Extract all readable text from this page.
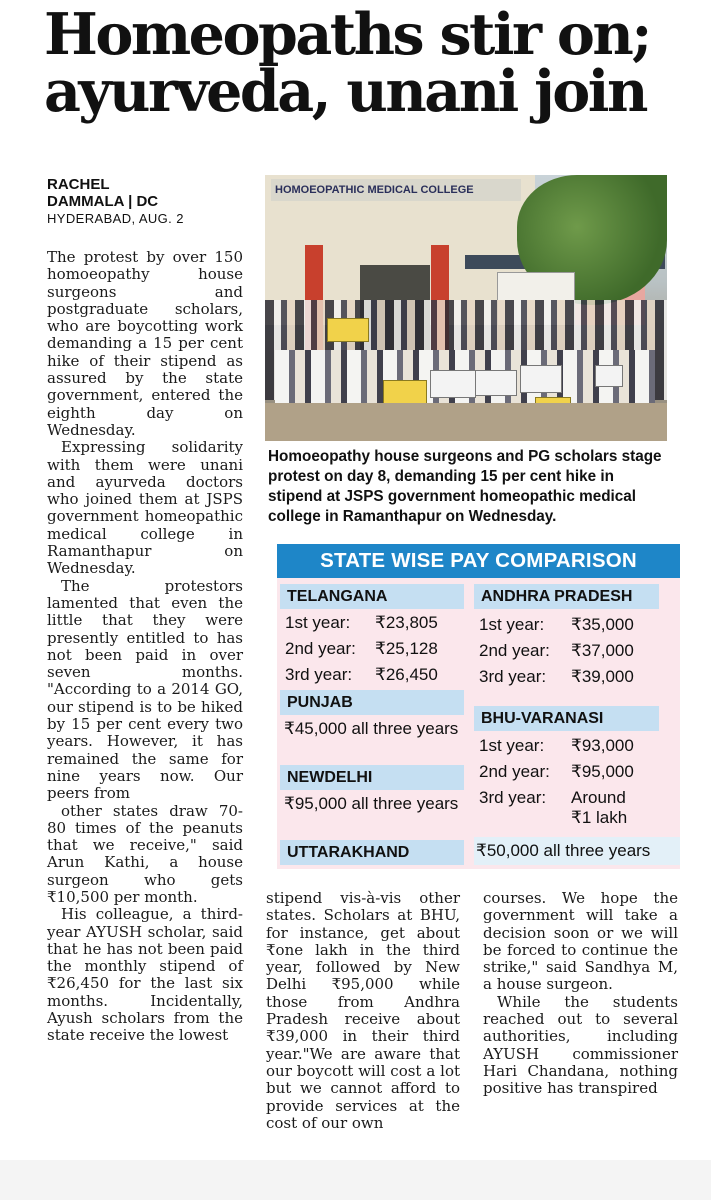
Homeopaths stir on;
ayurveda, unani join
RACHEL
DAMMALA | DC
HYDERABAD, AUG. 2

The protest by over 150 homoeopathy house surgeons and postgraduate scholars, who are boycotting work demanding a 15 per cent hike of their stipend as assured by the state government, entered the eighth day on Wednesday.

Expressing solidarity with them were unani and ayurveda doctors who joined them at JSPS government homeopathic medical college in Ramanthapur on Wednesday.

The protestors lamented that even the little that they were presently entitled to has not been paid in over seven months. "According to a 2014 GO, our stipend is to be hiked by 15 per cent every two years. However, it has remained the same for nine years now. Our peers from

other states draw 70-80 times of the peanuts that we receive," said Arun Kathi, a house surgeon who gets ₹10,500 per month.

His colleague, a third-year AYUSH scholar, said that he has not been paid the monthly stipend of ₹26,450 for the last six months. Incidentally, Ayush scholars from the state receive the lowest

HOMOEOPATHIC MEDICAL COLLEGE
Homoeopathy house surgeons and PG scholars stage protest on day 8, demanding 15 per cent hike in stipend at JSPS government homeopathic medical college in Ramanthapur on Wednesday.
STATE WISE PAY COMPARISON
TELANGANA
1st year:	₹23,805
2nd year:	₹25,128
3rd year:	₹26,450
ANDHRA PRADESH
1st year:	₹35,000
2nd year:	₹37,000
3rd year:	₹39,000
PUNJAB
₹45,000 all three years
BHU-VARANASI
1st year:	₹93,000
2nd year:	₹95,000
3rd year:	Around ₹1 lakh
NEWDELHI
₹95,000 all three years
UTTARAKHAND	₹50,000 all three years

stipend vis-à-vis other states. Scholars at BHU, for instance, get about ₹one lakh in the third year, followed by New Delhi ₹95,000 while those from Andhra Pradesh receive about ₹39,000 in their third year."We are aware that our boycott will cost a lot but we cannot afford to provide services at the cost of our own

courses. We hope the government will take a decision soon or we will be forced to continue the strike," said Sandhya M, a house surgeon.

While the students reached out to several authorities, including AYUSH commissioner Hari Chandana, nothing positive has transpired
